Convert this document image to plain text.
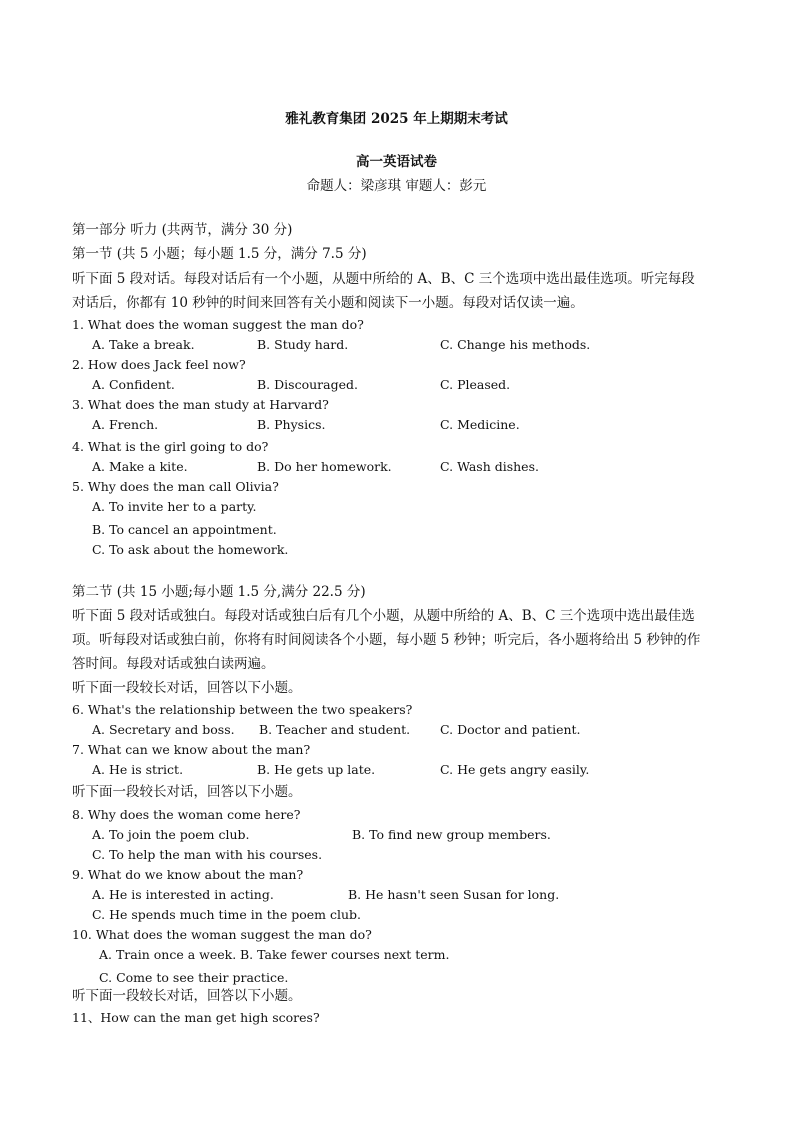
雅礼教育集团 2025 年上期期末考试
高一英语试卷
命题人：梁彦琪 审题人：彭元
第一部分 听力 (共两节，满分 30 分)
第一节 (共 5 小题；每小题 1.5 分，满分 7.5 分)
听下面 5 段对话。每段对话后有一个小题，从题中所给的 A、B、C 三个选项中选出最佳选项。听完每段
对话后，你都有 10 秒钟的时间来回答有关小题和阅读下一小题。每段对话仅读一遍。
1. What does the woman suggest the man do?
A. Take a break.	B. Study hard.	C. Change his methods.
2. How does Jack feel now?
A. Confident.	B. Discouraged.	C. Pleased.
3. What does the man study at Harvard?
A. French.	B. Physics.	C. Medicine.
4. What is the girl going to do?
A. Make a kite.	B. Do her homework.	C. Wash dishes.
5. Why does the man call Olivia?
A. To invite her to a party.
B. To cancel an appointment.
C. To ask about the homework.
第二节 (共 15 小题;每小题 1.5 分,满分 22.5 分)
听下面 5 段对话或独白。每段对话或独白后有几个小题，从题中所给的 A、B、C 三个选项中选出最佳选
项。听每段对话或独白前，你将有时间阅读各个小题，每小题 5 秒钟；听完后，各小题将给出 5 秒钟的作
答时间。每段对话或独白读两遍。
听下面一段较长对话，回答以下小题。
6. What's the relationship between the two speakers?
A. Secretary and boss. B. Teacher and student. C. Doctor and patient.
7. What can we know about the man?
A. He is strict.	B. He gets up late.	C. He gets angry easily.
听下面一段较长对话，回答以下小题。
8. Why does the woman come here?
A. To join the poem club.	B. To find new group members.
C. To help the man with his courses.
9. What do we know about the man?
A. He is interested in acting.	B. He hasn't seen Susan for long.
C. He spends much time in the poem club.
10. What does the woman suggest the man do?
A. Train once a week. B. Take fewer courses next term.
C. Come to see their practice.
听下面一段较长对话，回答以下小题。
11、How can the man get high scores?
